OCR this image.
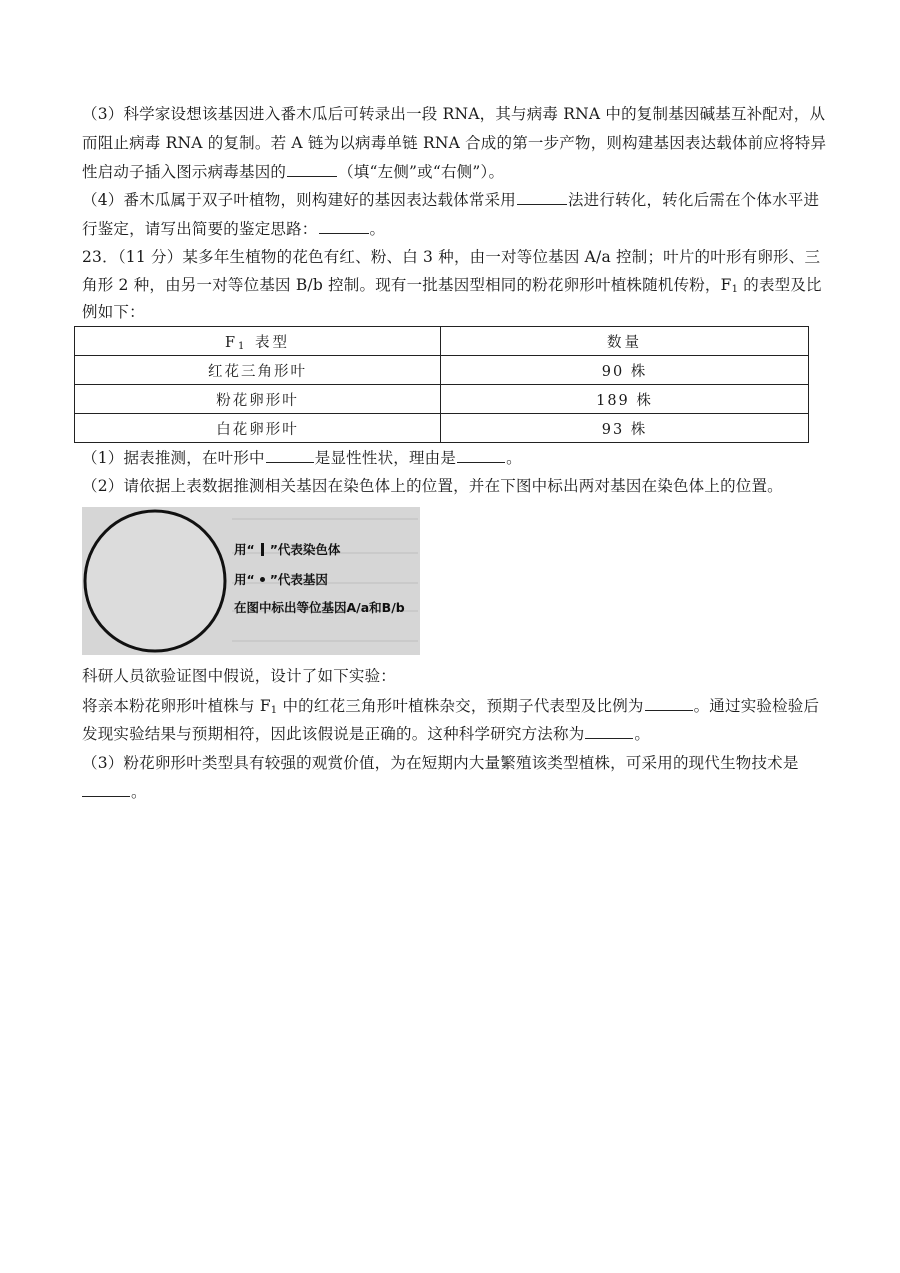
（3）科学家设想该基因进入番木瓜后可转录出一段 RNA，其与病毒 RNA 中的复制基因碱基互补配对，从
而阻止病毒 RNA 的复制。若 A 链为以病毒单链 RNA 合成的第一步产物，则构建基因表达载体前应将特异
性启动子插入图示病毒基因的	（填“左侧”或“右侧”）。
（4）番木瓜属于双子叶植物，则构建好的基因表达载体常采用	法进行转化，转化后需在个体水平进
行鉴定，请写出简要的鉴定思路：	。
23．（11 分）某多年生植物的花色有红、粉、白 3 种，由一对等位基因 A/a 控制；叶片的叶形有卵形、三
角形 2 种，由另一对等位基因 B/b 控制。现有一批基因型相同的粉花卵形叶植株随机传粉，$F_1$ 的表型及比
例如下：
$F_1$ 表型	数量
红花三角形叶	90 株
粉花卵形叶	189 株
白花卵形叶	93 株
（1）据表推测，在叶形中	是显性性状，理由是	。
（2）请依据上表数据推测相关基因在染色体上的位置，并在下图中标出两对基因在染色体上的位置。
用“ ”代表染色体
用“ ”代表基因
在图中标出等位基因A/a和B/b
科研人员欲验证图中假说，设计了如下实验：
将亲本粉花卵形叶植株与 $F_1$ 中的红花三角形叶植株杂交，预期子代表型及比例为	。通过实验检验后
发现实验结果与预期相符，因此该假说是正确的。这种科学研究方法称为	。
（3）粉花卵形叶类型具有较强的观赏价值，为在短期内大量繁殖该类型植株，可采用的现代生物技术是
。
